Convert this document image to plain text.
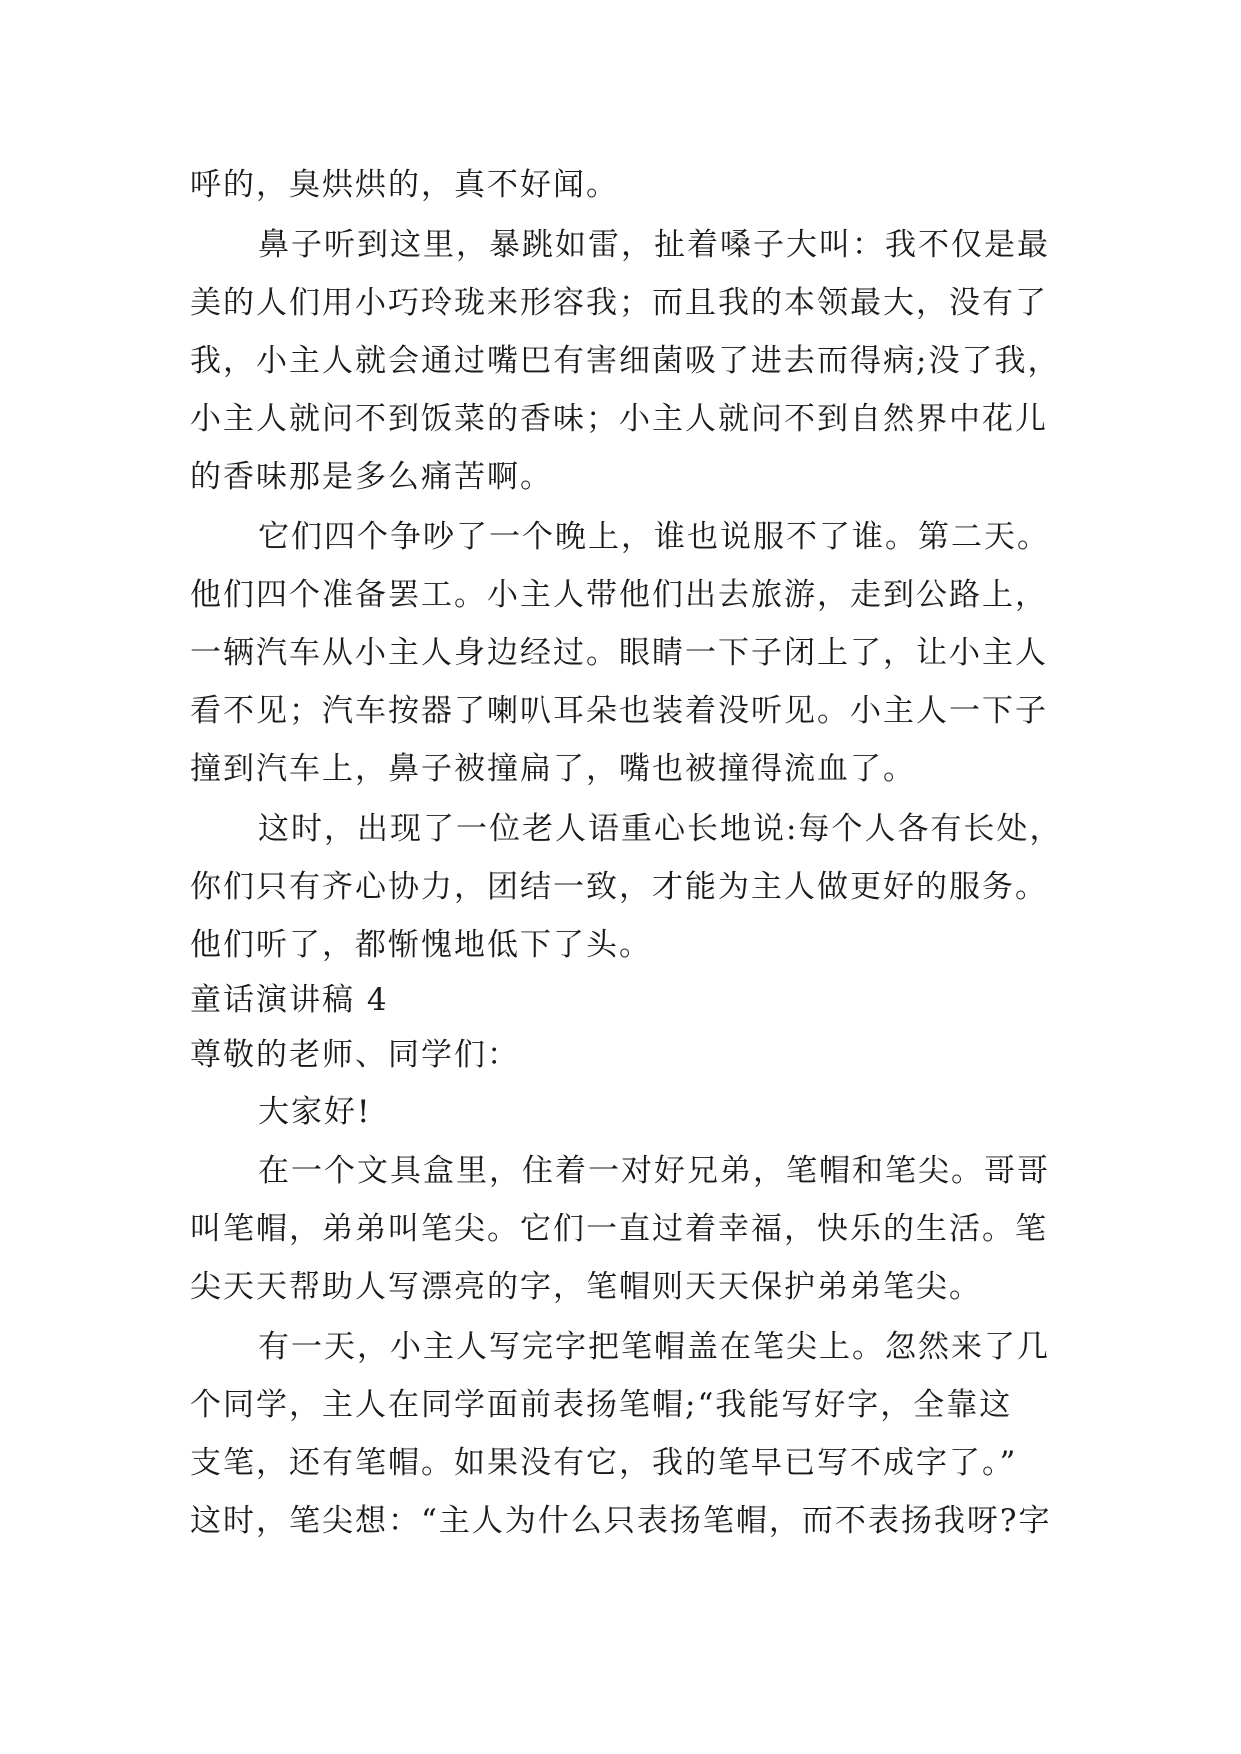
呼的，臭烘烘的，真不好闻。
鼻子听到这里，暴跳如雷，扯着嗓子大叫：我不仅是最
美的人们用小巧玲珑来形容我；而且我的本领最大，没有了
我，小主人就会通过嘴巴有害细菌吸了进去而得病;没了我，
小主人就问不到饭菜的香味；小主人就问不到自然界中花儿
的香味那是多么痛苦啊。
它们四个争吵了一个晚上，谁也说服不了谁。第二天。
他们四个准备罢工。小主人带他们出去旅游，走到公路上，
一辆汽车从小主人身边经过。眼睛一下子闭上了，让小主人
看不见；汽车按器了喇叭耳朵也装着没听见。小主人一下子
撞到汽车上，鼻子被撞扁了，嘴也被撞得流血了。
这时，出现了一位老人语重心长地说:每个人各有长处，
你们只有齐心协力，团结一致，才能为主人做更好的服务。
他们听了，都惭愧地低下了头。
童话演讲稿 4
尊敬的老师、同学们：
大家好!
在一个文具盒里，住着一对好兄弟，笔帽和笔尖。哥哥
叫笔帽，弟弟叫笔尖。它们一直过着幸福，快乐的生活。笔
尖天天帮助人写漂亮的字，笔帽则天天保护弟弟笔尖。
有一天，小主人写完字把笔帽盖在笔尖上。忽然来了几
个同学，主人在同学面前表扬笔帽;“我能写好字，全靠这
支笔，还有笔帽。如果没有它，我的笔早已写不成字了。”
这时，笔尖想：“主人为什么只表扬笔帽，而不表扬我呀?字
